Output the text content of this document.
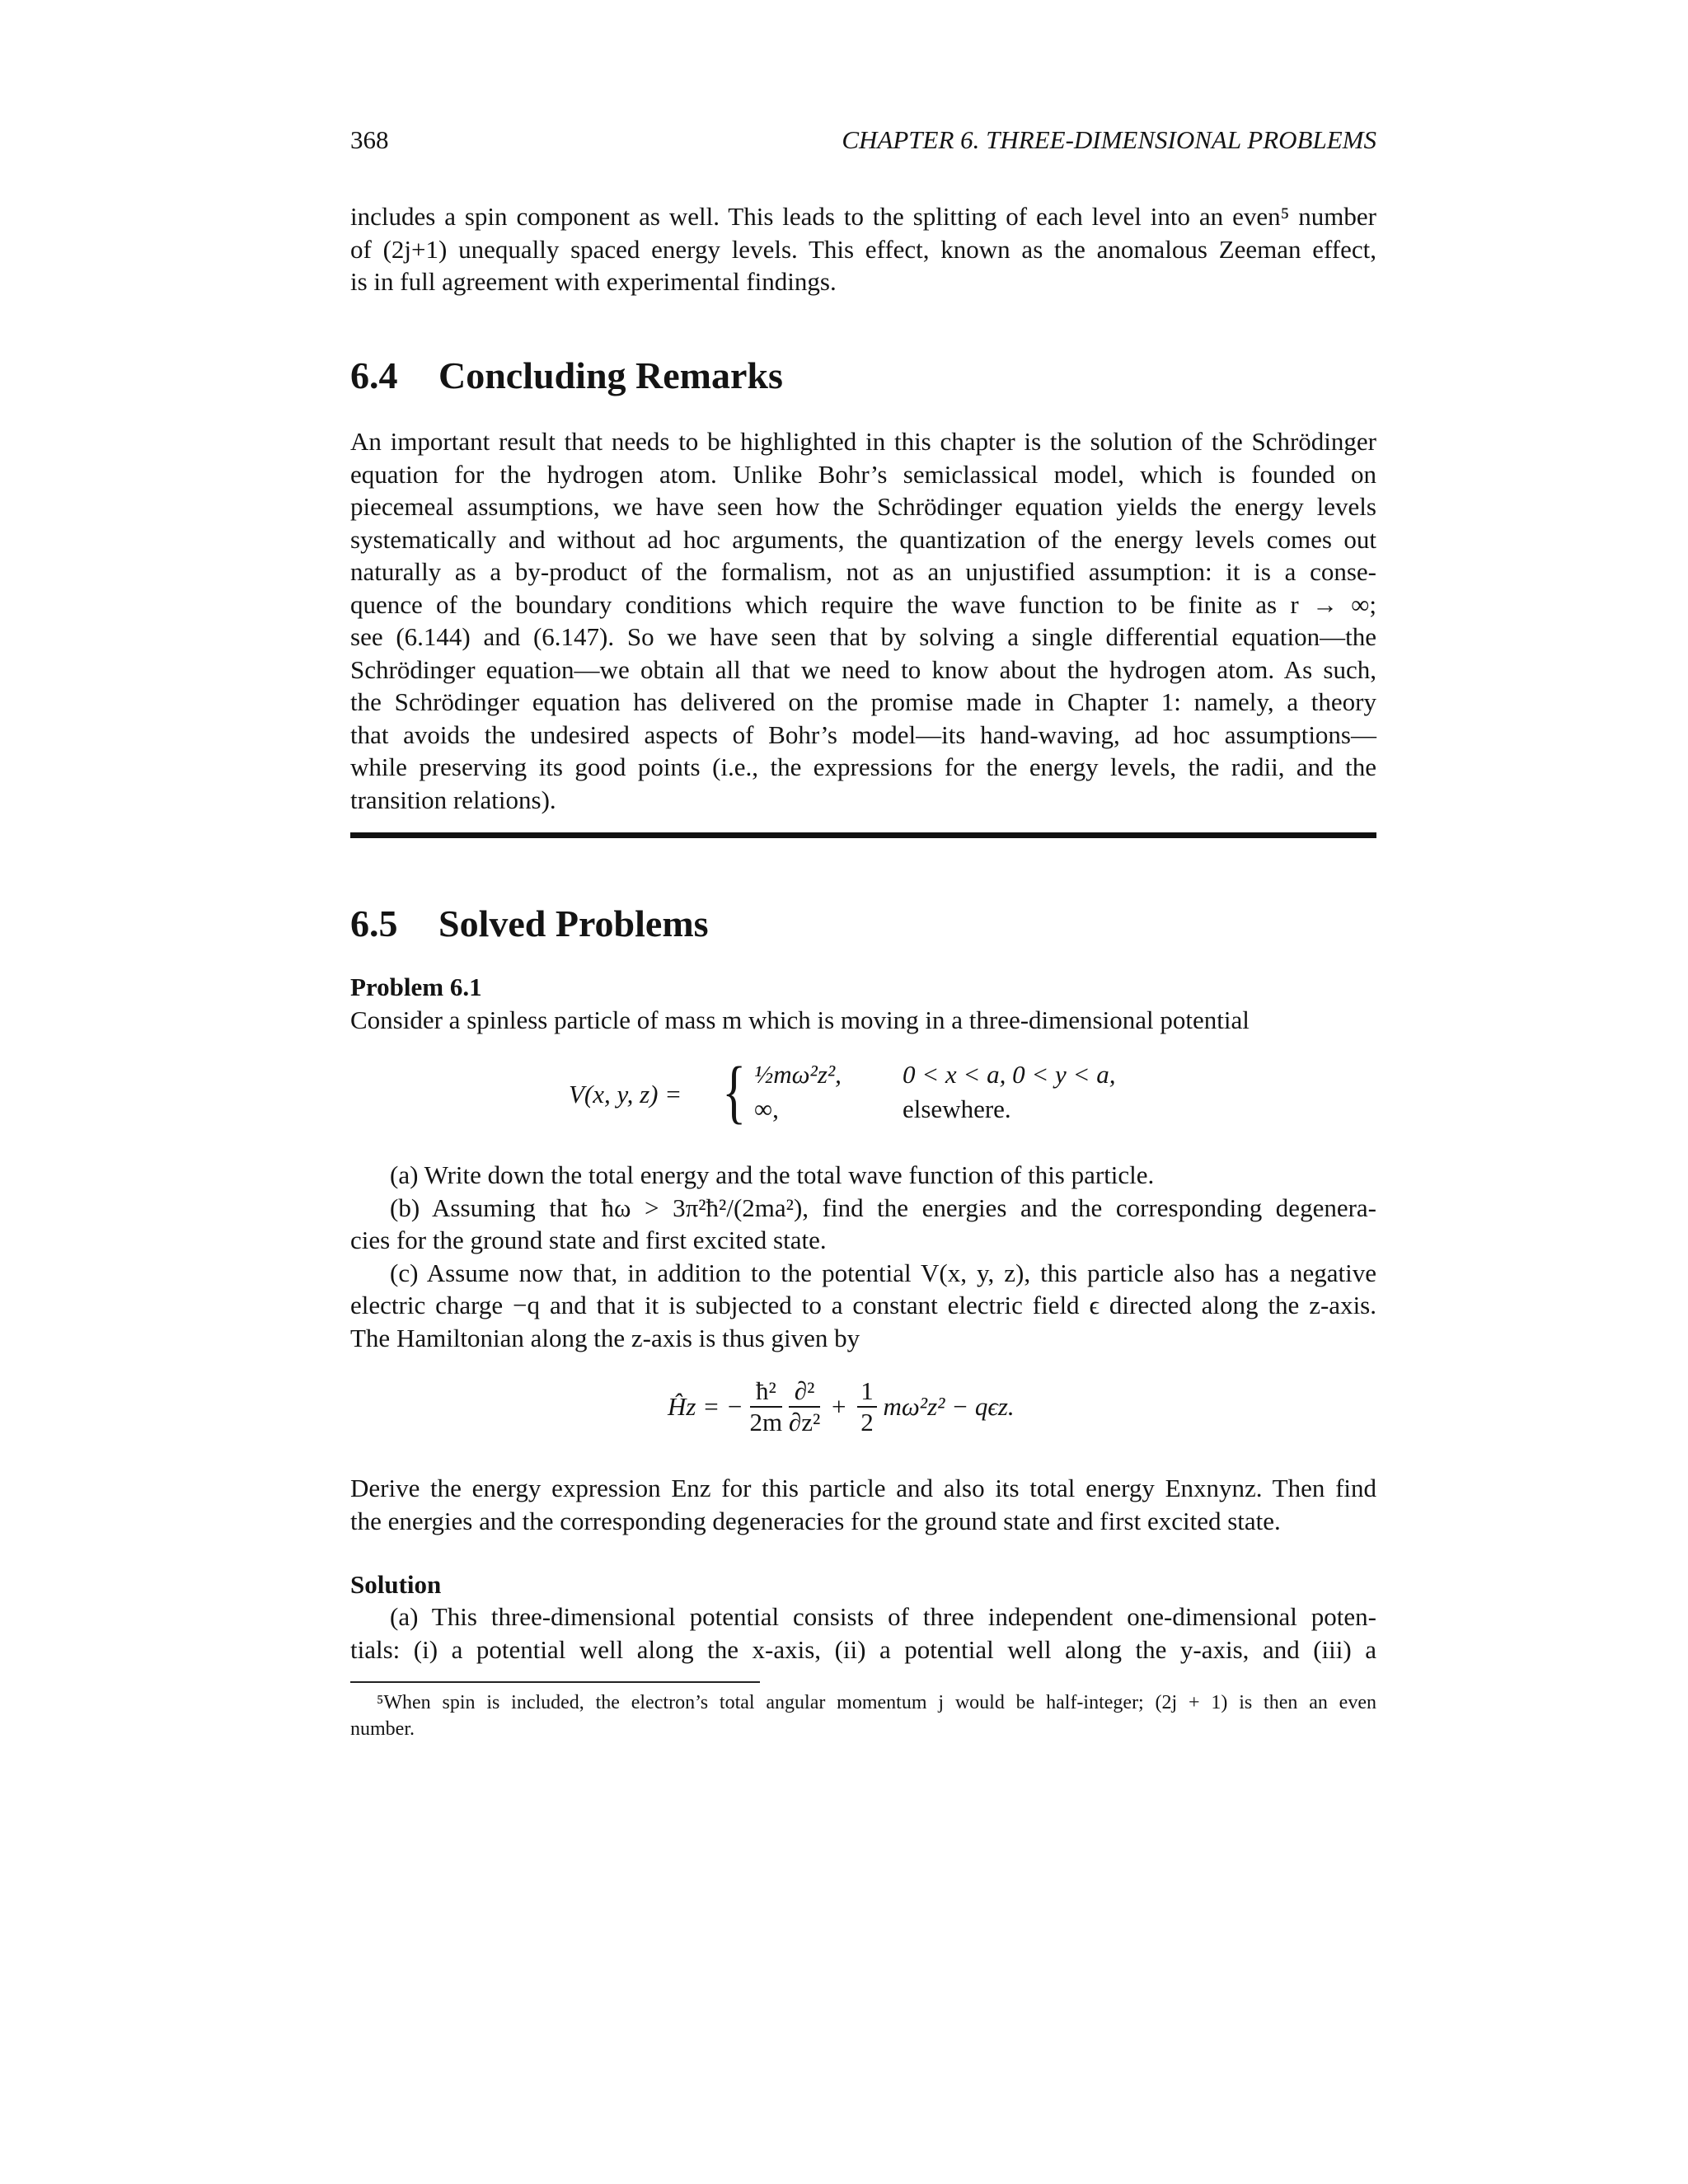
368	CHAPTER 6. THREE-DIMENSIONAL PROBLEMS
includes a spin component as well. This leads to the splitting of each level into an even⁵ number
of (2j+1) unequally spaced energy levels. This effect, known as the anomalous Zeeman effect,
is in full agreement with experimental findings.
6.4 Concluding Remarks
An important result that needs to be highlighted in this chapter is the solution of the Schrödinger
equation for the hydrogen atom. Unlike Bohr’s semiclassical model, which is founded on
piecemeal assumptions, we have seen how the Schrödinger equation yields the energy levels
systematically and without ad hoc arguments, the quantization of the energy levels comes out
naturally as a by-product of the formalism, not as an unjustified assumption: it is a conse-
quence of the boundary conditions which require the wave function to be finite as r → ∞;
see (6.144) and (6.147). So we have seen that by solving a single differential equation—the
Schrödinger equation—we obtain all that we need to know about the hydrogen atom. As such,
the Schrödinger equation has delivered on the promise made in Chapter 1: namely, a theory
that avoids the undesired aspects of Bohr’s model—its hand-waving, ad hoc assumptions—
while preserving its good points (i.e., the expressions for the energy levels, the radii, and the
transition relations).
6.5 Solved Problems
Problem 6.1
Consider a spinless particle of mass m which is moving in a three-dimensional potential
V(x, y, z) = { ½mω²z², 0 < x < a, 0 < y < a,
∞,	elsewhere.
(a) Write down the total energy and the total wave function of this particle.
(b) Assuming that ħω > 3π²ħ²/(2ma²), find the energies and the corresponding degenera-
cies for the ground state and first excited state.
(c) Assume now that, in addition to the potential V(x, y, z), this particle also has a negative
electric charge −q and that it is subjected to a constant electric field ϵ directed along the z-axis.
The Hamiltonian along the z-axis is thus given by
Ĥz = − $\frac{\text{ħ²}}{2m}$
$\frac{\text{∂²}}{\text{∂z²}} + \frac{1}{2} m\omega^2z^2 - q\epsilon z$.
Derive the energy expression Enz for this particle and also its total energy Enxnynz. Then find
the energies and the corresponding degeneracies for the ground state and first excited state.
Solution
(a) This three-dimensional potential consists of three independent one-dimensional poten-
tials: (i) a potential well along the x-axis, (ii) a potential well along the y-axis, and (iii) a
⁵When spin is included, the electron’s total angular momentum j would be half-integer; (2j + 1) is then an even
number.
